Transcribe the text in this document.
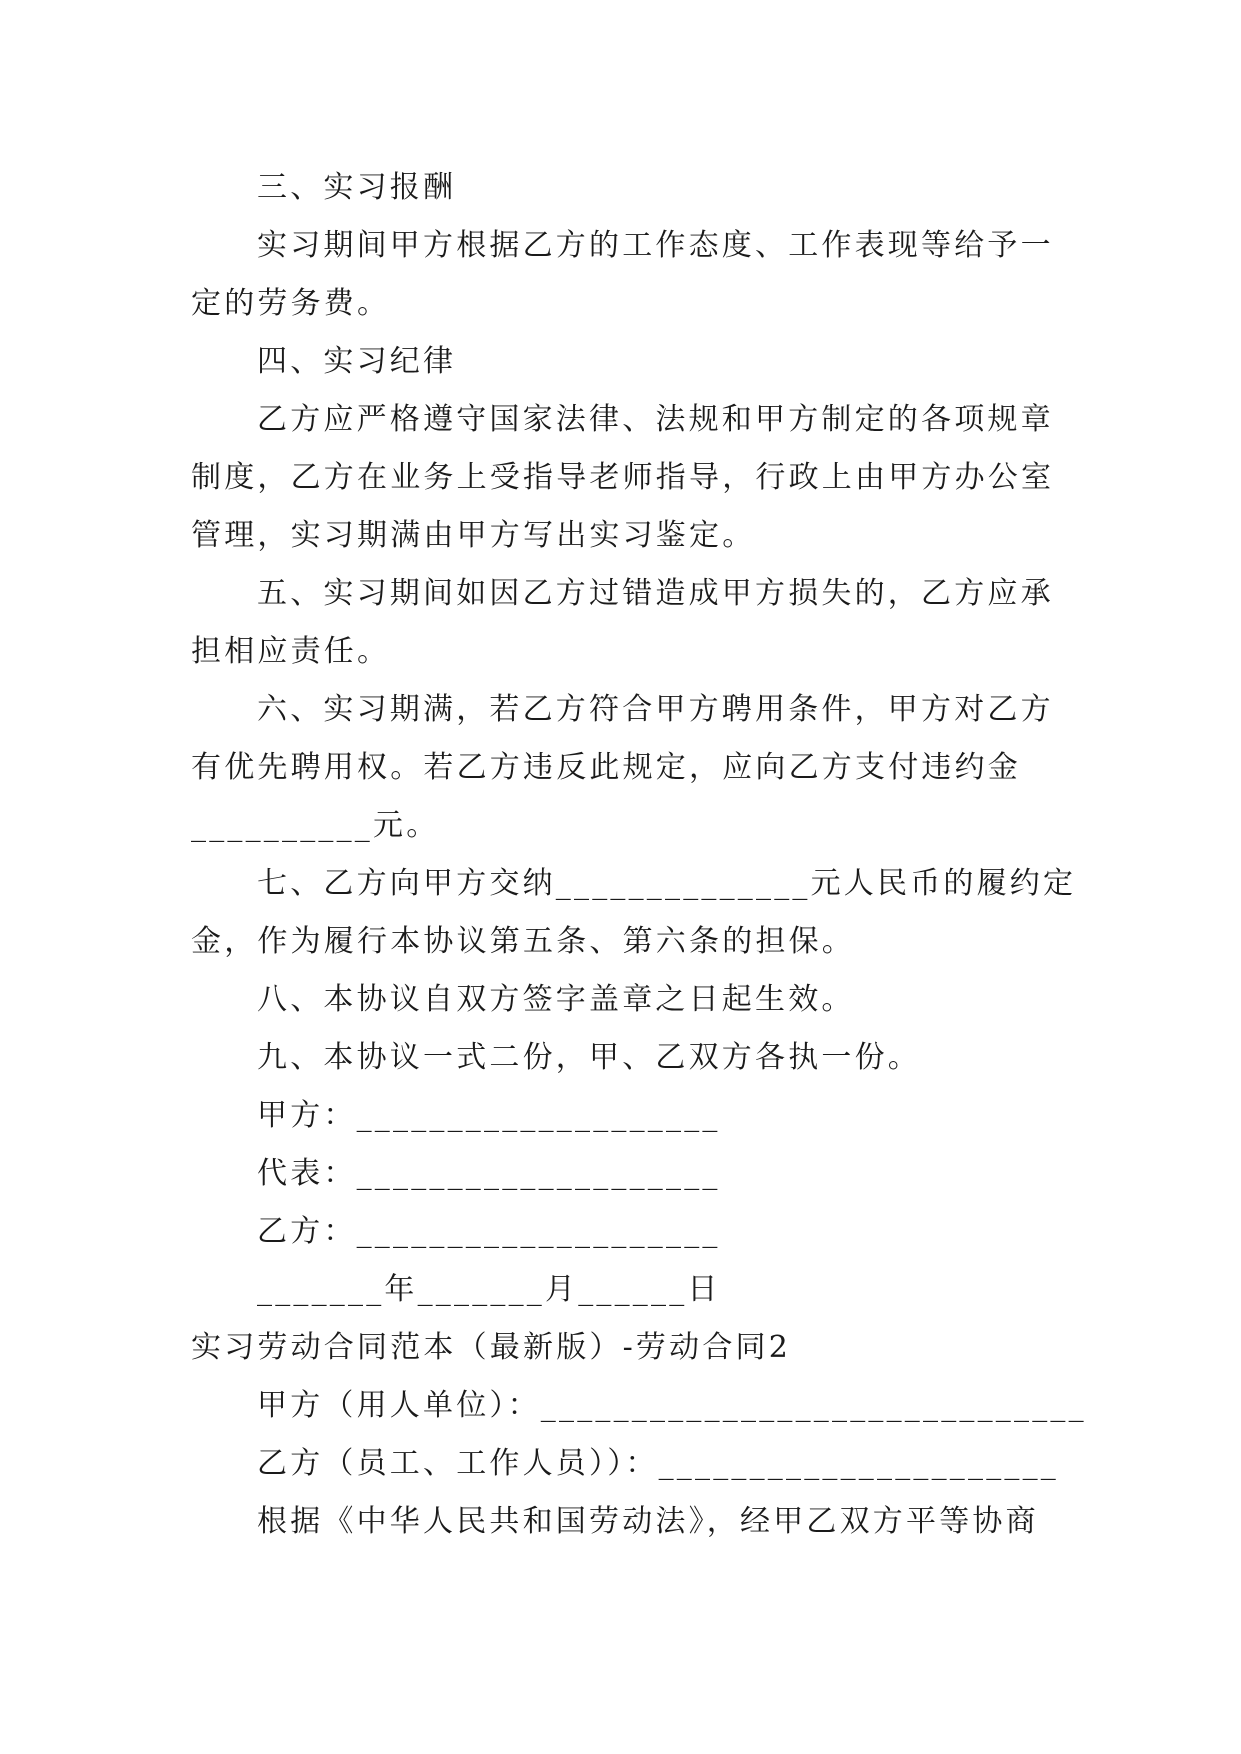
三、实习报酬
实习期间甲方根据乙方的工作态度、工作表现等给予一
定的劳务费。
四、实习纪律
乙方应严格遵守国家法律、法规和甲方制定的各项规章
制度，乙方在业务上受指导老师指导，行政上由甲方办公室
管理，实习期满由甲方写出实习鉴定。
五、实习期间如因乙方过错造成甲方损失的，乙方应承
担相应责任。
六、实习期满，若乙方符合甲方聘用条件，甲方对乙方
有优先聘用权。若乙方违反此规定，应向乙方支付违约金
__________元。
七、乙方向甲方交纳______________元人民币的履约定
金，作为履行本协议第五条、第六条的担保。
八、本协议自双方签字盖章之日起生效。
九、本协议一式二份，甲、乙双方各执一份。
甲方：____________________
代表：____________________
乙方：____________________
_______年_______月______日
实习劳动合同范本（最新版）-劳动合同2
甲方（用人单位）：______________________________
乙方（员工、工作人员））：______________________
根据《中华人民共和国劳动法》，经甲乙双方平等协商
